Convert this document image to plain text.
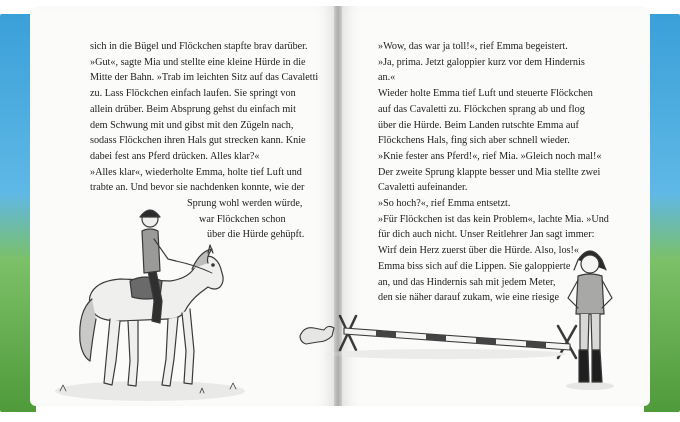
sich in die Bügel und Flöckchen stapfte brav darüber.
»Gut«, sagte Mia und stellte eine kleine Hürde in die
Mitte der Bahn. »Trab im leichten Sitz auf das Cavaletti
zu. Lass Flöckchen einfach laufen. Sie springt von
allein drüber. Beim Absprung gehst du einfach mit
dem Schwung mit und gibst mit den Zügeln nach,
sodass Flöckchen ihren Hals gut strecken kann. Knie
dabei fest ans Pferd drücken. Alles klar?«
»Alles klar«, wiederholte Emma, holte tief Luft und
trabte an. Und bevor sie nachdenken konnte, wie der
Sprung wohl werden würde,
war Flöckchen schon
über die Hürde gehüpft.
»Wow, das war ja toll!«, rief Emma begeistert.
»Ja, prima. Jetzt galoppier kurz vor dem Hindernis
an.«
Wieder holte Emma tief Luft und steuerte Flöckchen
auf das Cavaletti zu. Flöckchen sprang ab und flog
über die Hürde. Beim Landen rutschte Emma auf
Flöckchens Hals, fing sich aber schnell wieder.
»Knie fester ans Pferd!«, rief Mia. »Gleich noch mal!«
Der zweite Sprung klappte besser und Mia stellte zwei
Cavaletti aufeinander.
»So hoch?«, rief Emma entsetzt.
»Für Flöckchen ist das kein Problem«, lachte Mia. »Und
für dich auch nicht. Unser Reitlehrer Jan sagt immer:
Wirf dein Herz zuerst über die Hürde. Also, los!«
Emma biss sich auf die Lippen. Sie galoppierte
an, und das Hindernis sah mit jedem Meter,
den sie näher darauf zukam, wie eine riesige
